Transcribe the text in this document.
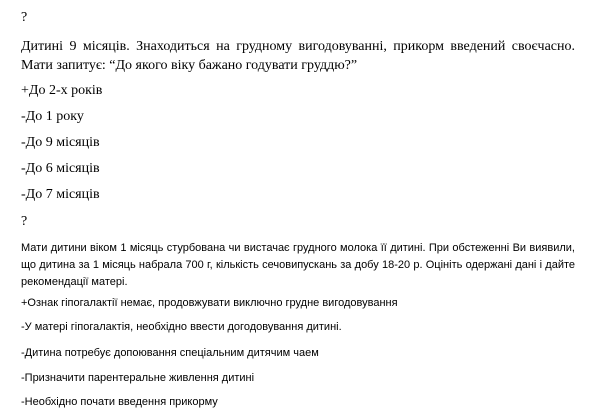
?
Дитині 9 місяців. Знаходиться на грудному вигодовуванні, прикорм введений своєчасно. Мати запитує: “До якого віку бажано годувати груддю?”
+До 2-х років
-До 1 року
-До 9 місяців
-До 6 місяців
-До 7 місяців
?
Мати дитини віком 1 місяць стурбована чи вистачає грудного молока її дитині. При обстеженні Ви виявили, що дитина за 1 місяць набрала 700 г, кількість сечовипускань за добу 18-20 р. Оцініть одержані дані і дайте рекомендації матері.
+Ознак гіпогалактії немає, продовжувати виключно грудне вигодовування
-У матері гіпогалактія, необхідно ввести догодовування дитині.
-Дитина потребує допоювання спеціальним дитячим чаем
-Призначити парентеральне живлення дитині
-Необхідно почати введення прикорму
